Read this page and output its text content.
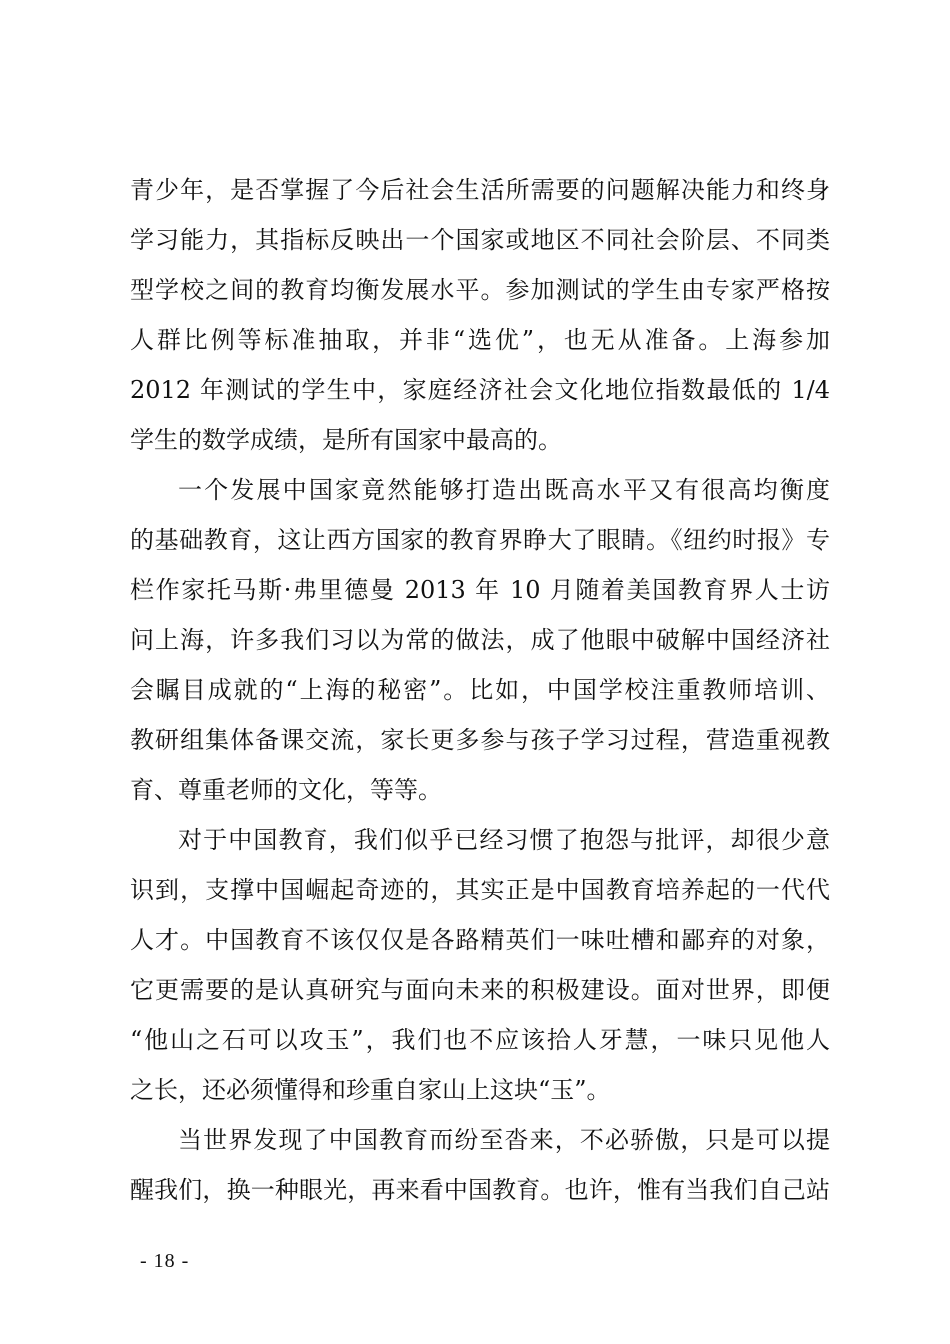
青少年，是否掌握了今后社会生活所需要的问题解决能力和终身
学习能力，其指标反映出一个国家或地区不同社会阶层、不同类
型学校之间的教育均衡发展水平。参加测试的学生由专家严格按
人群比例等标准抽取，并非“选优”，也无从准备。上海参加
2012 年测试的学生中，家庭经济社会文化地位指数最低的 1/4
学生的数学成绩，是所有国家中最高的。
一个发展中国家竟然能够打造出既高水平又有很高均衡度
的基础教育，这让西方国家的教育界睁大了眼睛。《纽约时报》专
栏作家托马斯·弗里德曼 2013 年 10 月随着美国教育界人士访
问上海，许多我们习以为常的做法，成了他眼中破解中国经济社
会瞩目成就的“上海的秘密”。比如，中国学校注重教师培训、
教研组集体备课交流，家长更多参与孩子学习过程，营造重视教
育、尊重老师的文化，等等。
对于中国教育，我们似乎已经习惯了抱怨与批评，却很少意
识到，支撑中国崛起奇迹的，其实正是中国教育培养起的一代代
人才。中国教育不该仅仅是各路精英们一味吐槽和鄙弃的对象，
它更需要的是认真研究与面向未来的积极建设。面对世界，即便
“他山之石可以攻玉”，我们也不应该拾人牙慧，一味只见他人
之长，还必须懂得和珍重自家山上这块“玉”。
当世界发现了中国教育而纷至沓来，不必骄傲，只是可以提
醒我们，换一种眼光，再来看中国教育。也许，惟有当我们自己站
- 18 -
